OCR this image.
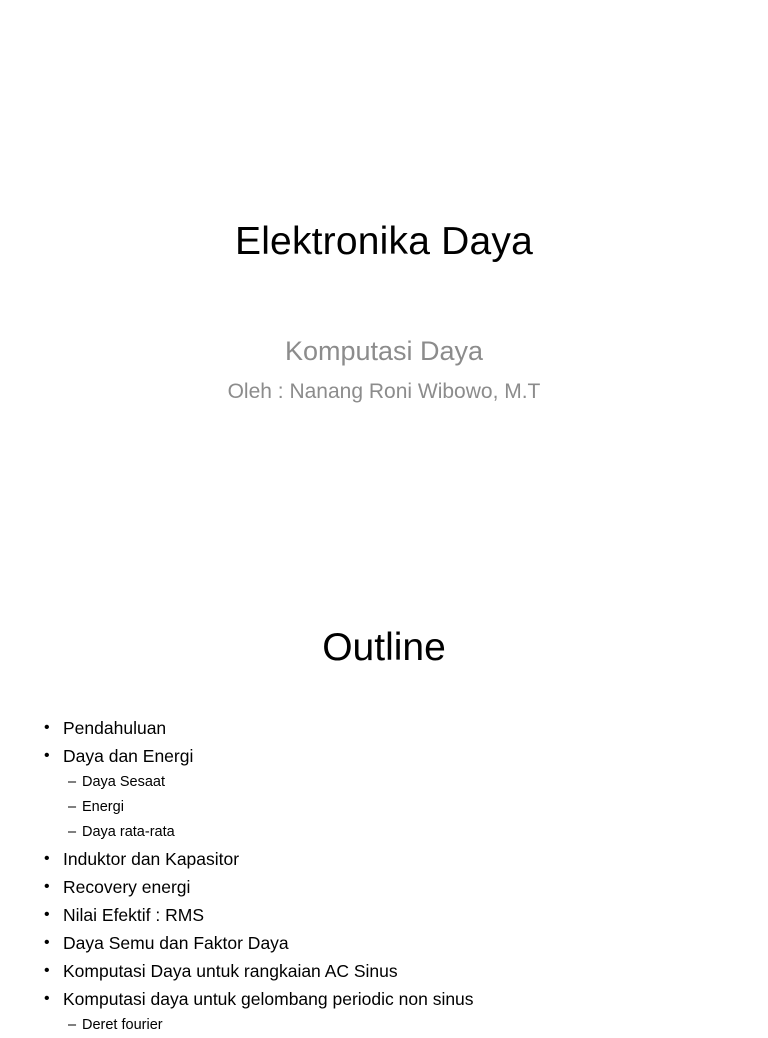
Elektronika Daya
Komputasi Daya
Oleh : Nanang Roni Wibowo, M.T
Outline
• Pendahuluan
• Daya dan Energi
– Daya Sesaat
– Energi
– Daya rata-rata
• Induktor dan Kapasitor
• Recovery energi
• Nilai Efektif : RMS
• Daya Semu dan Faktor Daya
• Komputasi Daya untuk rangkaian AC Sinus
• Komputasi daya untuk gelombang periodic non sinus
– Deret fourier
